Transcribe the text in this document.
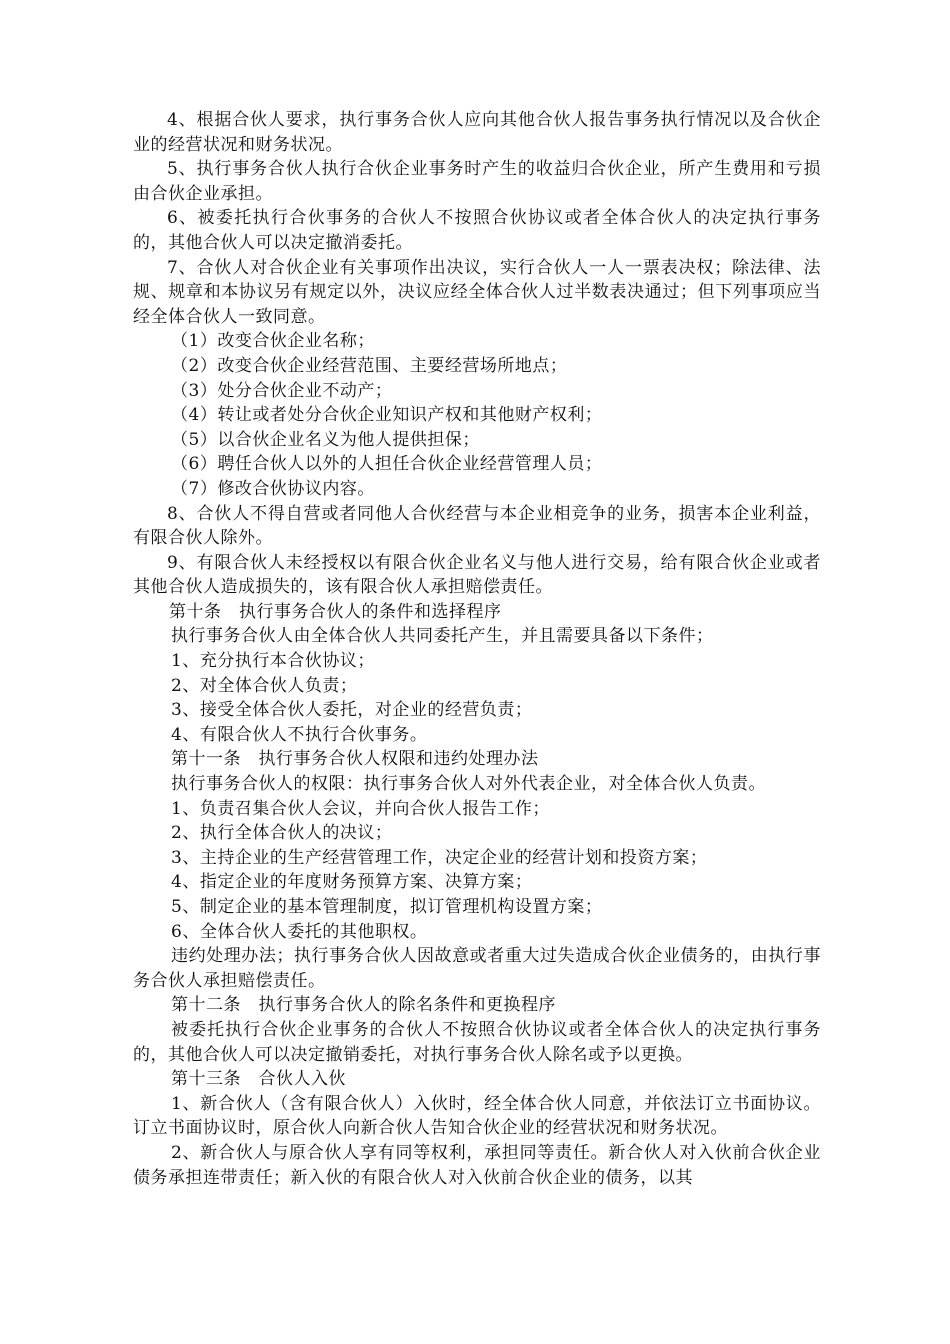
4、根据合伙人要求，执行事务合伙人应向其他合伙人报告事务执行情况以及合伙企业的经营状况和财务状况。

5、执行事务合伙人执行合伙企业事务时产生的收益归合伙企业，所产生费用和亏损由合伙企业承担。

6、被委托执行合伙事务的合伙人不按照合伙协议或者全体合伙人的决定执行事务的，其他合伙人可以决定撤消委托。

7、合伙人对合伙企业有关事项作出决议，实行合伙人一人一票表决权；除法律、法规、规章和本协议另有规定以外，决议应经全体合伙人过半数表决通过；但下列事项应当经全体合伙人一致同意。

（1）改变合伙企业名称；

（2）改变合伙企业经营范围、主要经营场所地点；

（3）处分合伙企业不动产；

（4）转让或者处分合伙企业知识产权和其他财产权利；

（5）以合伙企业名义为他人提供担保；

（6）聘任合伙人以外的人担任合伙企业经营管理人员；

（7）修改合伙协议内容。

8、合伙人不得自营或者同他人合伙经营与本企业相竞争的业务，损害本企业利益，有限合伙人除外。

9、有限合伙人未经授权以有限合伙企业名义与他人进行交易，给有限合伙企业或者其他合伙人造成损失的，该有限合伙人承担赔偿责任。

第十条　执行事务合伙人的条件和选择程序

执行事务合伙人由全体合伙人共同委托产生，并且需要具备以下条件；

1、充分执行本合伙协议；

2、对全体合伙人负责；

3、接受全体合伙人委托，对企业的经营负责；

4、有限合伙人不执行合伙事务。

第十一条　执行事务合伙人权限和违约处理办法

执行事务合伙人的权限：执行事务合伙人对外代表企业，对全体合伙人负责。

1、负责召集合伙人会议，并向合伙人报告工作；

2、执行全体合伙人的决议；

3、主持企业的生产经营管理工作，决定企业的经营计划和投资方案；

4、指定企业的年度财务预算方案、决算方案；

5、制定企业的基本管理制度，拟订管理机构设置方案；

6、全体合伙人委托的其他职权。

违约处理办法；执行事务合伙人因故意或者重大过失造成合伙企业债务的，由执行事务合伙人承担赔偿责任。

第十二条　执行事务合伙人的除名条件和更换程序

被委托执行合伙企业事务的合伙人不按照合伙协议或者全体合伙人的决定执行事务的，其他合伙人可以决定撤销委托，对执行事务合伙人除名或予以更换。

第十三条　合伙人入伙

1、新合伙人（含有限合伙人）入伙时，经全体合伙人同意，并依法订立书面协议。订立书面协议时，原合伙人向新合伙人告知合伙企业的经营状况和财务状况。

2、新合伙人与原合伙人享有同等权利，承担同等责任。新合伙人对入伙前合伙企业债务承担连带责任；新入伙的有限合伙人对入伙前合伙企业的债务，以其
